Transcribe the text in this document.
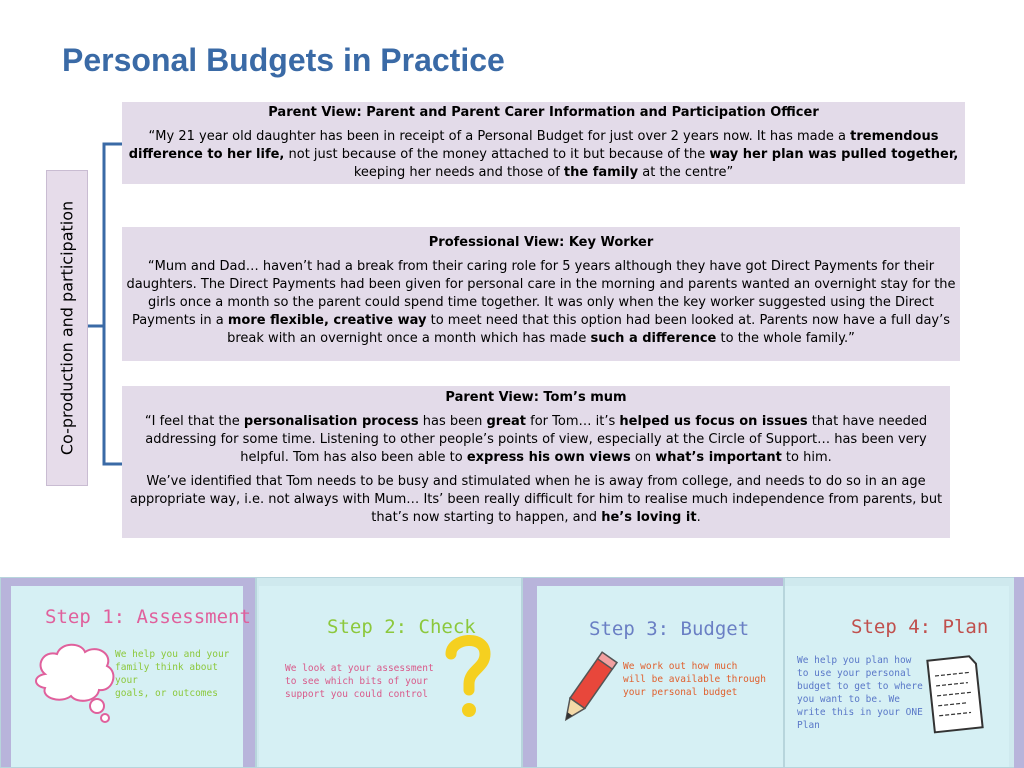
Personal Budgets in Practice
Co-production and participation
Parent View: Parent and Parent Carer Information and Participation Officer

“My 21 year old daughter has been in receipt of a Personal Budget for just over 2 years now. It has made a tremendous difference to her life, not just because of the money attached to it but because of the way her plan was pulled together, keeping her needs and those of the family at the centre”

Professional View: Key Worker

“Mum and Dad… haven’t had a break from their caring role for 5 years although they have got Direct Payments for their daughters. The Direct Payments had been given for personal care in the morning and parents wanted an overnight stay for the girls once a month so the parent could spend time together. It was only when the key worker suggested using the Direct Payments in a more flexible, creative way to meet need that this option had been looked at. Parents now have a full day’s break with an overnight once a month which has made such a difference to the whole family.”

Parent View: Tom’s mum

“I feel that the personalisation process has been great for Tom… it’s helped us focus on issues that have needed addressing for some time. Listening to other people’s points of view, especially at the Circle of Support… has been very helpful. Tom has also been able to express his own views on what’s important to him.

We’ve identified that Tom needs to be busy and stimulated when he is away from college, and needs to do so in an age appropriate way, i.e. not always with Mum… Its’ been really difficult for him to realise much independence from parents, but that’s now starting to happen, and he’s loving it.

Step 1: Assessment
We help you and your
family think about your
goals, or outcomes
Step 2: Check
We look at your assessment
to see which bits of your
support you could control
Step 3: Budget
We work out how much
will be available through
your personal budget
Step 4: Plan
We help you plan how
to use your personal
budget to get to where
you want to be. We
write this in your ONE
Plan
